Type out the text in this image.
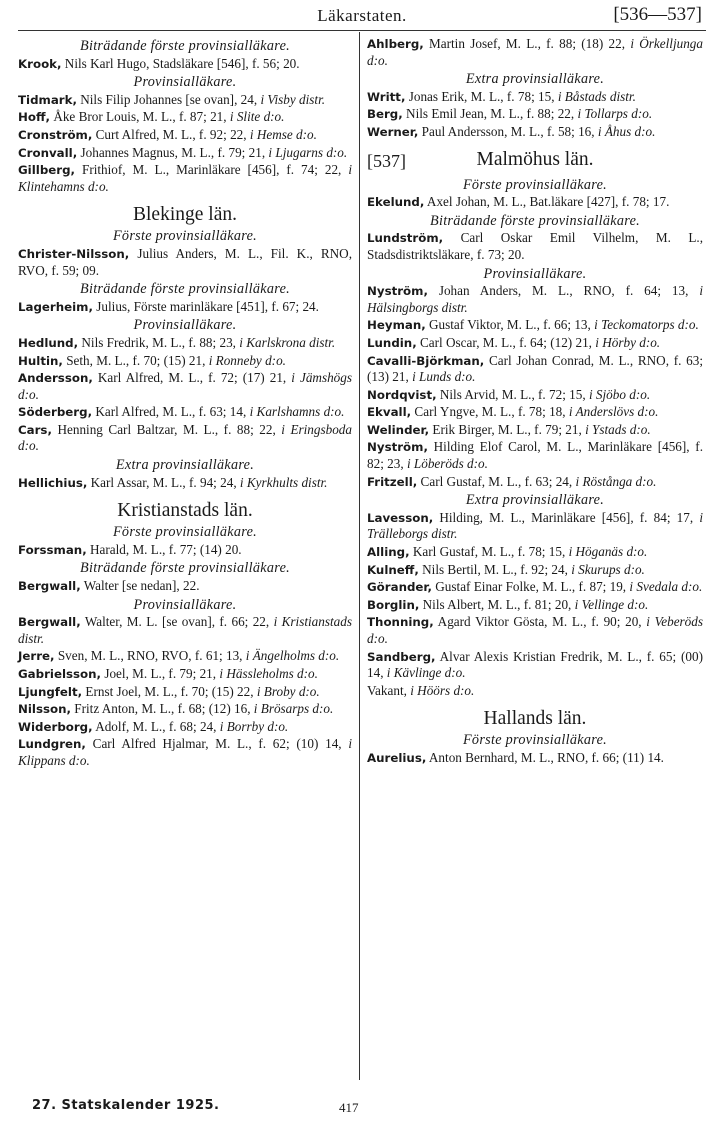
Läkarstaten.	[536—537]
Biträdande förste provinsialläkare.
Krook, Nils Karl Hugo, Stadsläkare [546], f. 56; 20.
Provinsialläkare.
Tidmark, Nils Filip Johannes [se ovan], 24, i Visby distr.
Hoff, Åke Bror Louis, M. L., f. 87; 21, i Slite d:o.
Cronström, Curt Alfred, M. L., f. 92; 22, i Hemse d:o.
Cronvall, Johannes Magnus, M. L., f. 79; 21, i Ljugarns d:o.
Gillberg, Frithiof, M. L., Marinläkare [456], f. 74; 22, i Klintehamns d:o.
Blekinge län.
Förste provinsialläkare.
Christer-Nilsson, Julius Anders, M. L., Fil. K., RNO, RVO, f. 59; 09.
Biträdande förste provinsialläkare.
Lagerheim, Julius, Förste marinläkare [451], f. 67; 24.
Provinsialläkare.
Hedlund, Nils Fredrik, M. L., f. 88; 23, i Karlskrona distr.
Hultin, Seth, M. L., f. 70; (15) 21, i Ronneby d:o.
Andersson, Karl Alfred, M. L., f. 72; (17) 21, i Jämshögs d:o.
Söderberg, Karl Alfred, M. L., f. 63; 14, i Karlshamns d:o.
Cars, Henning Carl Baltzar, M. L., f. 88; 22, i Eringsboda d:o.
Extra provinsialläkare.
Hellichius, Karl Assar, M. L., f. 94; 24, i Kyrkhults distr.
Kristianstads län.
Förste provinsialläkare.
Forssman, Harald, M. L., f. 77; (14) 20.
Biträdande förste provinsialläkare.
Bergwall, Walter [se nedan], 22.
Provinsialläkare.
Bergwall, Walter, M. L. [se ovan], f. 66; 22, i Kristianstads distr.
Jerre, Sven, M. L., RNO, RVO, f. 61; 13, i Ängelholms d:o.
Gabrielsson, Joel, M. L., f. 79; 21, i Hässleholms d:o.
Ljungfelt, Ernst Joel, M. L., f. 70; (15) 22, i Broby d:o.
Nilsson, Fritz Anton, M. L., f. 68; (12) 16, i Brösarps d:o.
Widerborg, Adolf, M. L., f. 68; 24, i Borrby d:o.
Lundgren, Carl Alfred Hjalmar, M. L., f. 62; (10) 14, i Klippans d:o.
Ahlberg, Martin Josef, M. L., f. 88; (18) 22, i Örkelljunga d:o.
Extra provinsialläkare.
Writt, Jonas Erik, M. L., f. 78; 15, i Båstads distr.
Berg, Nils Emil Jean, M. L., f. 88; 22, i Tollarps d:o.
Werner, Paul Andersson, M. L., f. 58; 16, i Åhus d:o.
[537]	Malmöhus län.
Förste provinsialläkare.
Ekelund, Axel Johan, M. L., Bat.läkare [427], f. 78; 17.
Biträdande förste provinsialläkare.
Lundström, Carl Oskar Emil Vilhelm, M. L., Stadsdistriktsläkare, f. 73; 20.
Provinsialläkare.
Nyström, Johan Anders, M. L., RNO, f. 64; 13, i Hälsingborgs distr.
Heyman, Gustaf Viktor, M. L., f. 66; 13, i Teckomatorps d:o.
Lundin, Carl Oscar, M. L., f. 64; (12) 21, i Hörby d:o.
Cavalli-Björkman, Carl Johan Conrad, M. L., RNO, f. 63; (13) 21, i Lunds d:o.
Nordqvist, Nils Arvid, M. L., f. 72; 15, i Sjöbo d:o.
Ekvall, Carl Yngve, M. L., f. 78; 18, i Anderslövs d:o.
Welinder, Erik Birger, M. L., f. 79; 21, i Ystads d:o.
Nyström, Hilding Elof Carol, M. L., Marinläkare [456], f. 82; 23, i Löberöds d:o.
Fritzell, Carl Gustaf, M. L., f. 63; 24, i Röstånga d:o.
Extra provinsialläkare.
Lavesson, Hilding, M. L., Marinläkare [456], f. 84; 17, i Trälleborgs distr.
Alling, Karl Gustaf, M. L., f. 78; 15, i Höganäs d:o.
Kulneff, Nils Bertil, M. L., f. 92; 24, i Skurups d:o.
Görander, Gustaf Einar Folke, M. L., f. 87; 19, i Svedala d:o.
Borglin, Nils Albert, M. L., f. 81; 20, i Vellinge d:o.
Thonning, Agard Viktor Gösta, M. L., f. 90; 20, i Veberöds d:o.
Sandberg, Alvar Alexis Kristian Fredrik, M. L., f. 65; (00) 14, i Kävlinge d:o.
Vakant, i Höörs d:o.
Hallands län.
Förste provinsialläkare.
Aurelius, Anton Bernhard, M. L., RNO, f. 66; (11) 14.
27. Statskalender 1925.	417
